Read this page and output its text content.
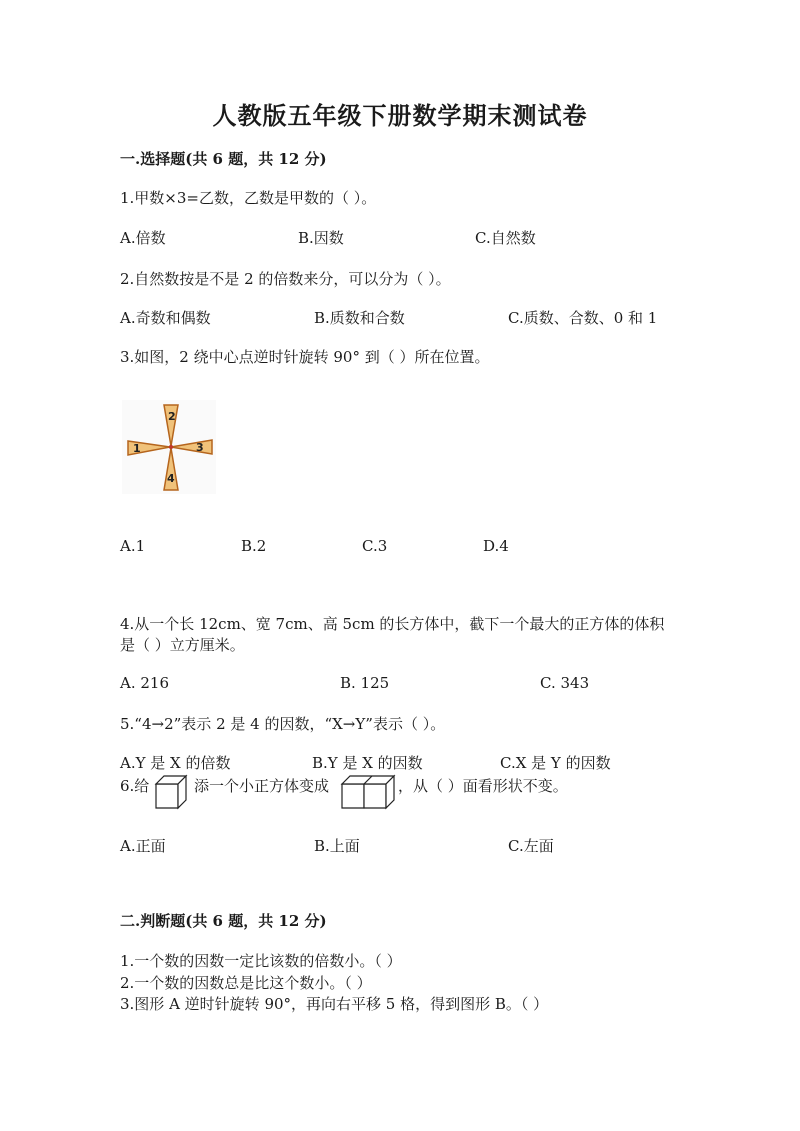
人教版五年级下册数学期末测试卷
一.选择题(共 6 题，共 12 分)
1.甲数×3=乙数，乙数是甲数的（ ）。
A.倍数	B.因数	C.自然数
2.自然数按是不是 2 的倍数来分，可以分为（ ）。
A.奇数和偶数	B.质数和合数	C.质数、合数、0 和 1
3.如图，2 绕中心点逆时针旋转 90° 到（ ）所在位置。
2
3
4
1
A.1	B.2	C.3	D.4
4.从一个长 12cm、宽 7cm、高 5cm 的长方体中，截下一个最大的正方体的体积
是（ ）立方厘米。
A. 216	B. 125	C. 343
5.“4→2”表示 2 是 4 的因数，“X→Y”表示（ ）。
A.Y 是 X 的倍数	B.Y 是 X 的因数	C.X 是 Y 的因数
6.给	添一个小正方体变成	，从（ ）面看形状不变。
A.正面	B.上面	C.左面
二.判断题(共 6 题，共 12 分)
1.一个数的因数一定比该数的倍数小。（ ）
2.一个数的因数总是比这个数小。（ ）
3.图形 A 逆时针旋转 90°，再向右平移 5 格，得到图形 B。（ ）
